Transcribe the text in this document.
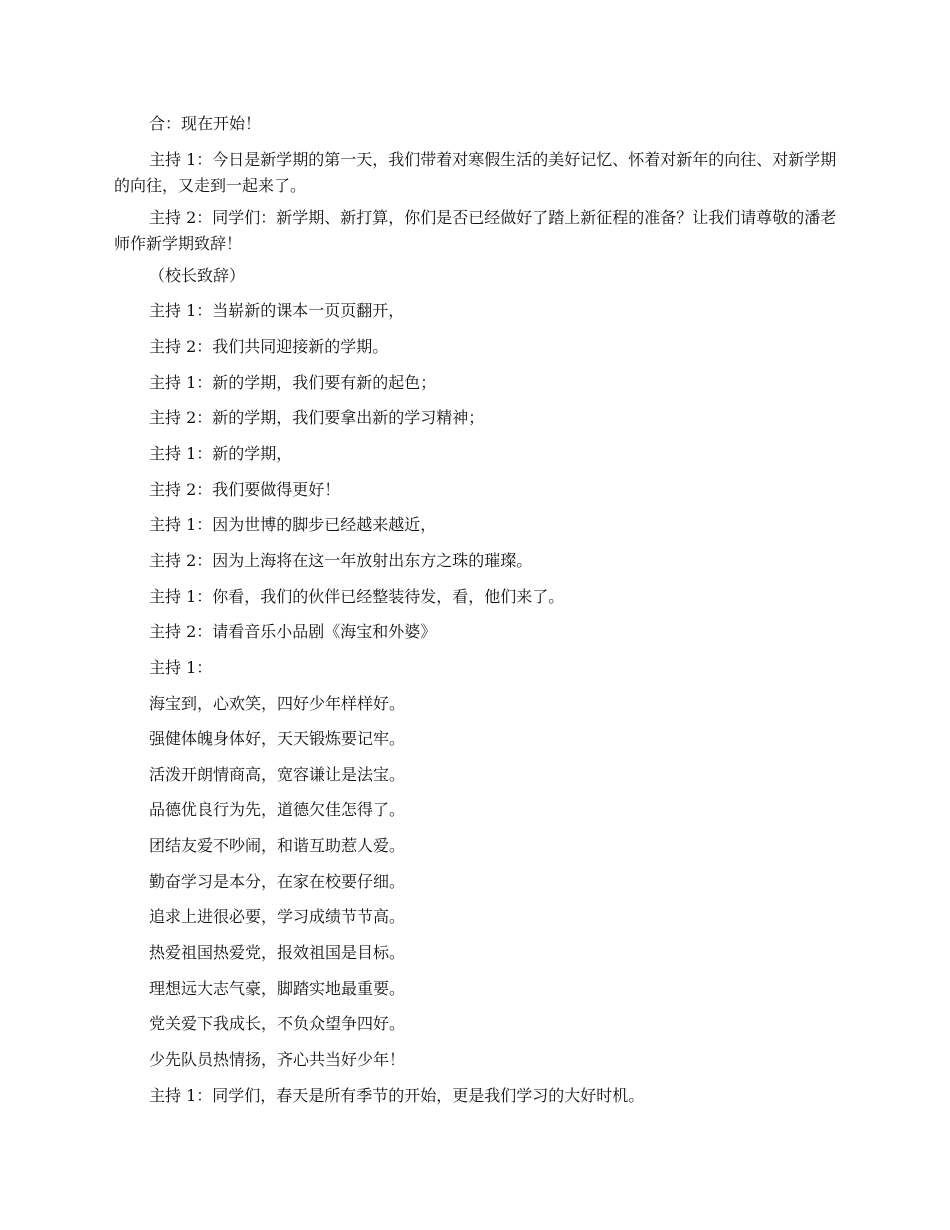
合：现在开始！

主持 1：今日是新学期的第一天，我们带着对寒假生活的美好记忆、怀着对新年的向往、对新学期的向往，又走到一起来了。

主持 2：同学们：新学期、新打算，你们是否已经做好了踏上新征程的准备？让我们请尊敬的潘老师作新学期致辞！

（校长致辞）

主持 1：当崭新的课本一页页翻开，

主持 2：我们共同迎接新的学期。

主持 1：新的学期，我们要有新的起色；

主持 2：新的学期，我们要拿出新的学习精神；

主持 1：新的学期，

主持 2：我们要做得更好！

主持 1：因为世博的脚步已经越来越近，

主持 2：因为上海将在这一年放射出东方之珠的璀璨。

主持 1：你看，我们的伙伴已经整装待发，看，他们来了。

主持 2：请看音乐小品剧《海宝和外婆》

主持 1：

海宝到，心欢笑，四好少年样样好。

强健体魄身体好，天天锻炼要记牢。

活泼开朗情商高，宽容谦让是法宝。

品德优良行为先，道德欠佳怎得了。

团结友爱不吵闹，和谐互助惹人爱。

勤奋学习是本分，在家在校要仔细。

追求上进很必要，学习成绩节节高。

热爱祖国热爱党，报效祖国是目标。

理想远大志气豪，脚踏实地最重要。

党关爱下我成长，不负众望争四好。

少先队员热情扬，齐心共当好少年！

主持 1：同学们，春天是所有季节的开始，更是我们学习的大好时机。
